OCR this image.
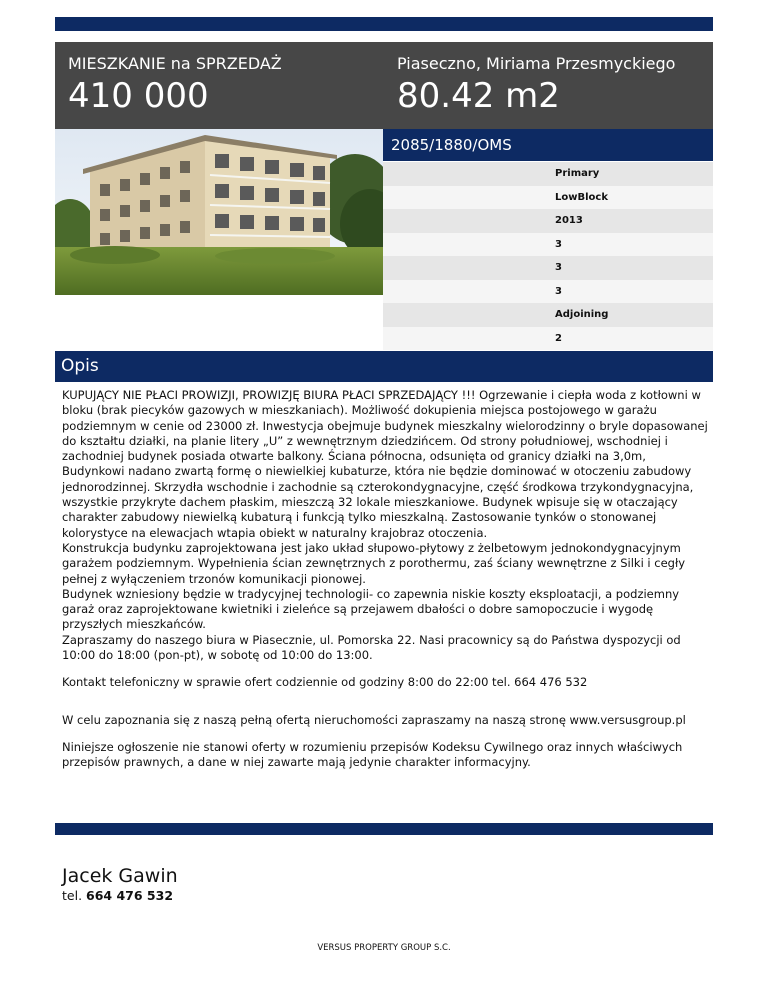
MIESZKANIE na SPRZEDAŻ
410 000
Piaseczno, Miriama Przesmyckiego
80.42 m2
2085/1880/OMS
Primary
LowBlock
2013
3
3
3
Adjoining
2
Opis

KUPUJĄCY NIE PŁACI PROWIZJI, PROWIZJĘ BIURA PŁACI SPRZEDAJĄCY !!! Ogrzewanie i ciepła woda z kotłowni w bloku (brak piecyków gazowych w mieszkaniach). Możliwość dokupienia miejsca postojowego w garażu podziemnym w cenie od 23000 zł. Inwestycja obejmuje budynek mieszkalny wielorodzinny o bryle dopasowanej do kształtu działki, na planie litery „U” z wewnętrznym dziedzińcem. Od strony południowej, wschodniej i zachodniej budynek posiada otwarte balkony. Ściana północna, odsunięta od granicy działki na 3,0m,

Budynkowi nadano zwartą formę o niewielkiej kubaturze, która nie będzie dominować w otoczeniu zabudowy jednorodzinnej. Skrzydła wschodnie i zachodnie są czterokondygnacyjne, część środkowa trzykondygnacyjna, wszystkie przykryte dachem płaskim, mieszczą 32 lokale mieszkaniowe. Budynek wpisuje się w otaczający charakter zabudowy niewielką kubaturą i funkcją tylko mieszkalną. Zastosowanie tynków o stonowanej kolorystyce na elewacjach wtapia obiekt w naturalny krajobraz otoczenia.

Konstrukcja budynku zaprojektowana jest jako układ słupowo-płytowy z żelbetowym jednokondygnacyjnym garażem podziemnym. Wypełnienia ścian zewnętrznych z porothermu, zaś ściany wewnętrzne z Silki i cegły pełnej z wyłączeniem trzonów komunikacji pionowej.

Budynek wzniesiony będzie w tradycyjnej technologii- co zapewnia niskie koszty eksploatacji, a podziemny garaż oraz zaprojektowane kwietniki i zieleńce są przejawem dbałości o dobre samopoczucie i wygodę przyszłych mieszkańców.

Zapraszamy do naszego biura w Piasecznie, ul. Pomorska 22. Nasi pracownicy są do Państwa dyspozycji od 10:00 do 18:00 (pon-pt), w sobotę od 10:00 do 13:00.

Kontakt telefoniczny w sprawie ofert codziennie od godziny 8:00 do 22:00 tel. 664 476 532

W celu zapoznania się z naszą pełną ofertą nieruchomości zapraszamy na naszą stronę www.versusgroup.pl

Niniejsze ogłoszenie nie stanowi oferty w rozumieniu przepisów Kodeksu Cywilnego oraz innych właściwych przepisów prawnych, a dane w niej zawarte mają jedynie charakter informacyjny.

Jacek Gawin
tel. 664 476 532
VERSUS PROPERTY GROUP S.C.
